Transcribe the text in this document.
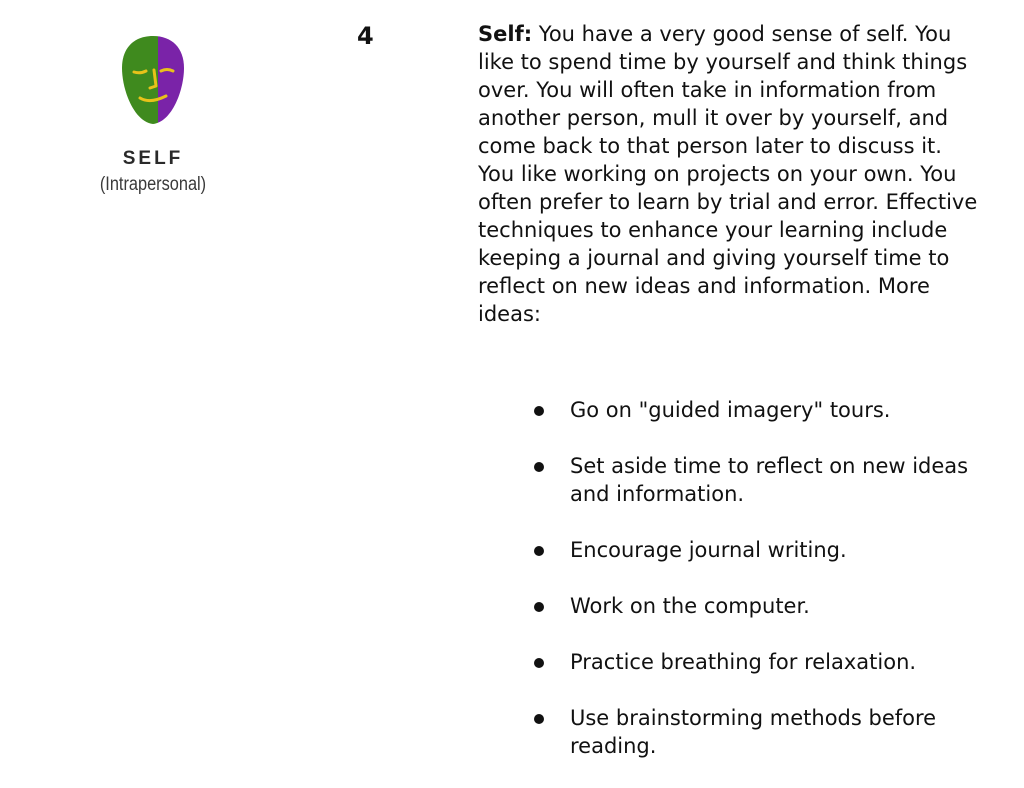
SELF
(Intrapersonal)
4	Self: You have a very good sense of self. You like to spend time by yourself and think things over. You will often take in information from another person, mull it over by yourself, and come back to that person later to discuss it. You like working on projects on your own. You often prefer to learn by trial and error. Effective techniques to enhance your learning include keeping a journal and giving yourself time to reflect on new ideas and information. More ideas:

Go on "guided imagery" tours.
Set aside time to reflect on new ideas and information.
Encourage journal writing.
Work on the computer.
Practice breathing for relaxation.
Use brainstorming methods before reading.
